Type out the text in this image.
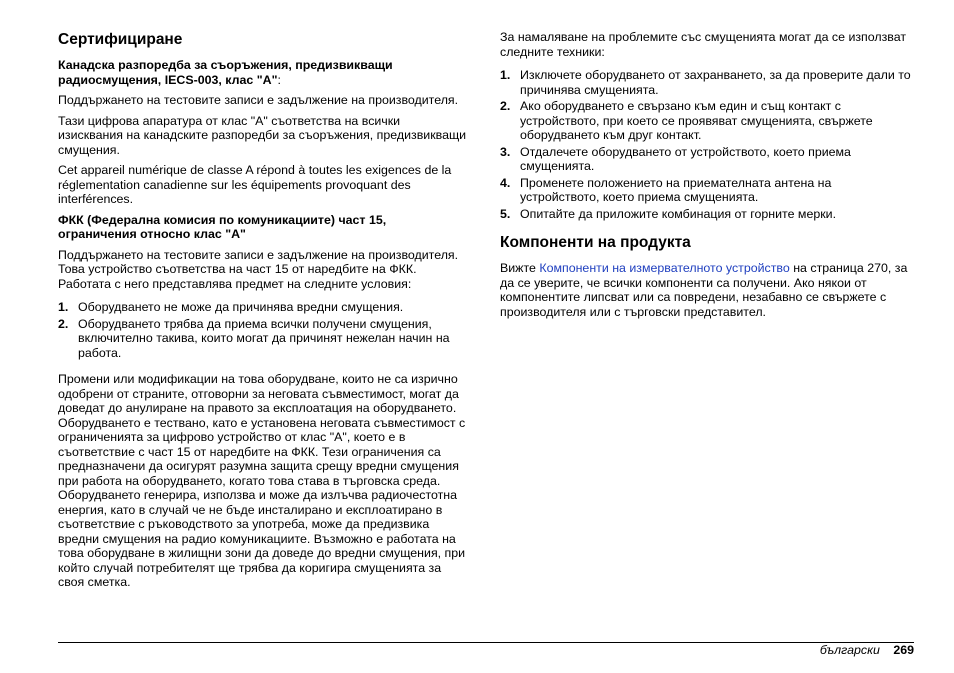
Сертифициране
Канадска разпоредба за съоръжения, предизвикващи радиосмущения, IECS-003, клас "A":

Поддържането на тестовите записи е задължение на производителя.

Тази цифрова апаратура от клас "A" съответства на всички изисквания на канадските разпоредби за съоръжения, предизвикващи смущения.

Cet appareil numérique de classe A répond à toutes les exigences de la réglementation canadienne sur les équipements provoquant des interférences.

ФКК (Федерална комисия по комуникациите) част 15, ограничения относно клас "A"

Поддържането на тестовите записи е задължение на производителя. Това устройство съответства на част 15 от наредбите на ФКК. Работата с него представлява предмет на следните условия:

1. Оборудването не може да причинява вредни смущения.
2. Оборудването трябва да приема всички получени смущения, включително такива, които могат да причинят нежелан начин на работа.

Промени или модификации на това оборудване, които не са изрично одобрени от страните, отговорни за неговата съвместимост, могат да доведат до анулиране на правото за експлоатация на оборудването. Оборудването е тествано, като е установена неговата съвместимост с ограниченията за цифрово устройство от клас "A", което е в съответствие с част 15 от наредбите на ФКК. Тези ограничения са предназначени да осигурят разумна защита срещу вредни смущения при работа на оборудването, когато това става в търговска среда. Оборудването генерира, използва и може да излъчва радиочестотна енергия, като в случай че не бъде инсталирано и експлоатирано в съответствие с ръководството за употреба, може да предизвика вредни смущения на радио комуникациите. Възможно е работата на това оборудване в жилищни зони да доведе до вредни смущения, при който случай потребителят ще трябва да коригира смущенията за своя сметка.

За намаляване на проблемите със смущенията могат да се използват следните техники:

1. Изключете оборудването от захранването, за да проверите дали то причинява смущенията.
2. Ако оборудването е свързано към един и същ контакт с устройството, при което се проявяват смущенията, свържете оборудването към друг контакт.
3. Отдалечете оборудването от устройството, което приема смущенията.
4. Променете положението на приемателната антена на устройството, което приема смущенията.
5. Опитайте да приложите комбинация от горните мерки.
Компоненти на продукта

Вижте Компоненти на измервателното устройство на страница 270, за да се уверите, че всички компоненти са получени. Ако някои от компонентите липсват или са повредени, незабавно се свържете с производителя или с търговски представител.

български 269
